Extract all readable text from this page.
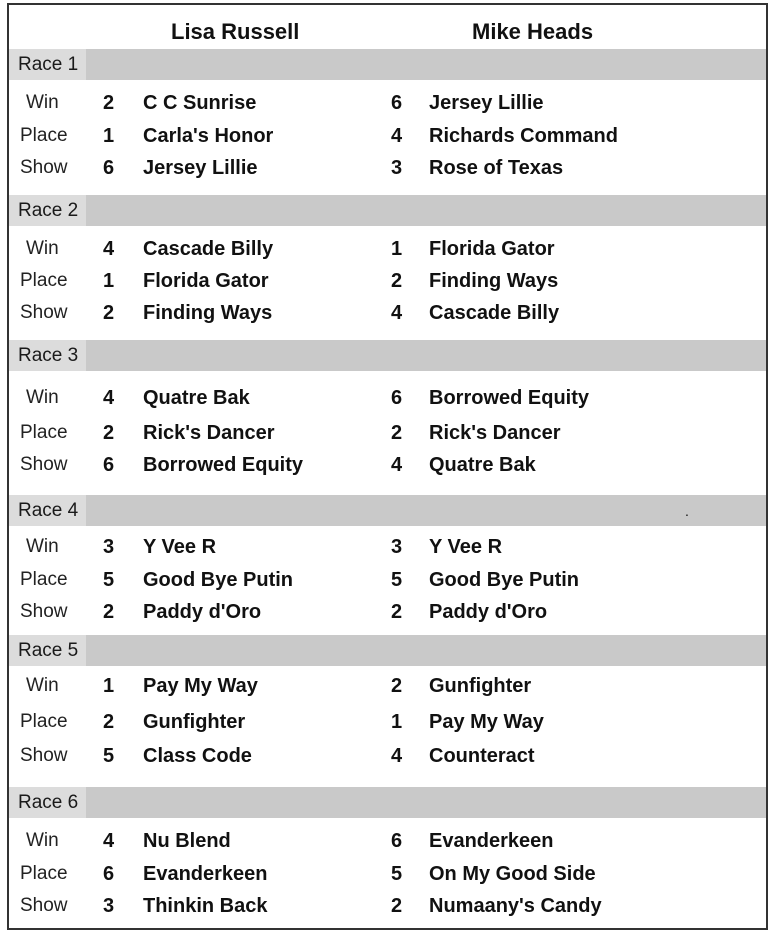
Lisa Russell	Mike Heads
Race 1
Win 2 C C Sunrise	6 Jersey Lillie
Place 1 Carla's Honor	4 Richards Command
Show 6 Jersey Lillie	3 Rose of Texas
Race 2
Win 4 Cascade Billy	1 Florida Gator
Place 1 Florida Gator	2 Finding Ways
Show 2 Finding Ways	4 Cascade Billy
Race 3
Win 4 Quatre Bak	6 Borrowed Equity
Place 2 Rick's Dancer	2 Rick's Dancer
Show 6 Borrowed Equity	4 Quatre Bak
Race 4	.
Win 3 Y Vee R	3 Y Vee R
Place 5 Good Bye Putin	5 Good Bye Putin
Show 2 Paddy d'Oro	2 Paddy d'Oro
Race 5
Win 1 Pay My Way	2 Gunfighter
Place 2 Gunfighter	1 Pay My Way
Show 5 Class Code	4 Counteract
Race 6
Win 4 Nu Blend	6 Evanderkeen
Place 6 Evanderkeen	5 On My Good Side
Show 3 Thinkin Back	2 Numaany's Candy
